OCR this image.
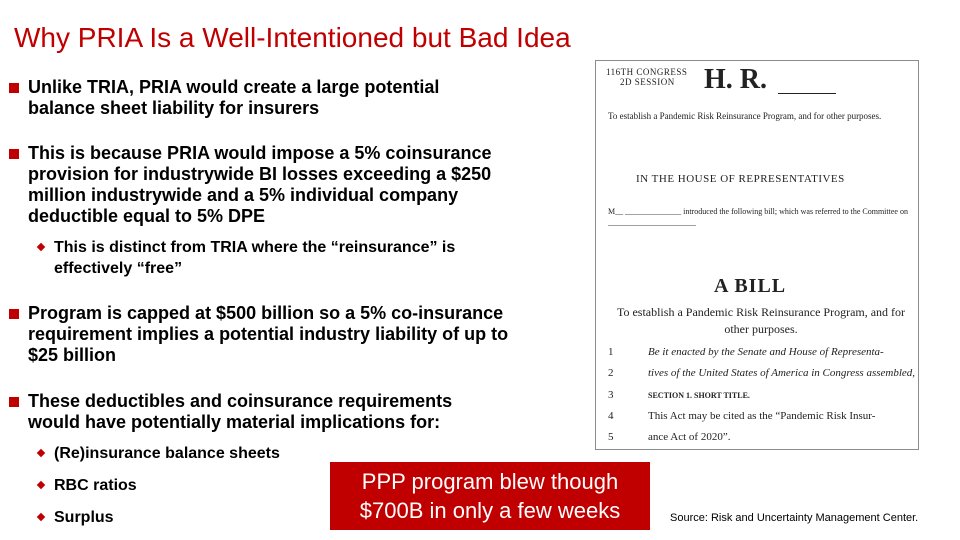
Why PRIA Is a Well-Intentioned but Bad Idea
Unlike TRIA, PRIA would create a large potential balance sheet liability for insurers
This is because PRIA would impose a 5% coinsurance provision for industrywide BI losses exceeding a $250 million industrywide and a 5% individual company deductible equal to 5% DPE
This is distinct from TRIA where the “reinsurance” is effectively “free”
Program is capped at $500 billion so a 5% co-insurance requirement implies a potential industry liability of up to $25 billion
These deductibles and coinsurance requirements would have potentially material implications for:
(Re)insurance balance sheets
RBC ratios
Surplus
PPP program blew though $700B in only a few weeks	Source: Risk and Uncertainty Management Center.
116TH CONGRESS
2D SESSION	H. R.
To establish a Pandemic Risk Reinsurance Program, and for other purposes.
IN THE HOUSE OF REPRESENTATIVES
M__ ______________ introduced the following bill; which was referred to the Committee on ______________________
A BILL
To establish a Pandemic Risk Reinsurance Program, and for other purposes.
1	Be it enacted by the Senate and House of Representa-
2	tives of the United States of America in Congress assembled,
3	SECTION 1. SHORT TITLE.
4	This Act may be cited as the “Pandemic Risk Insur-
5	ance Act of 2020”.
